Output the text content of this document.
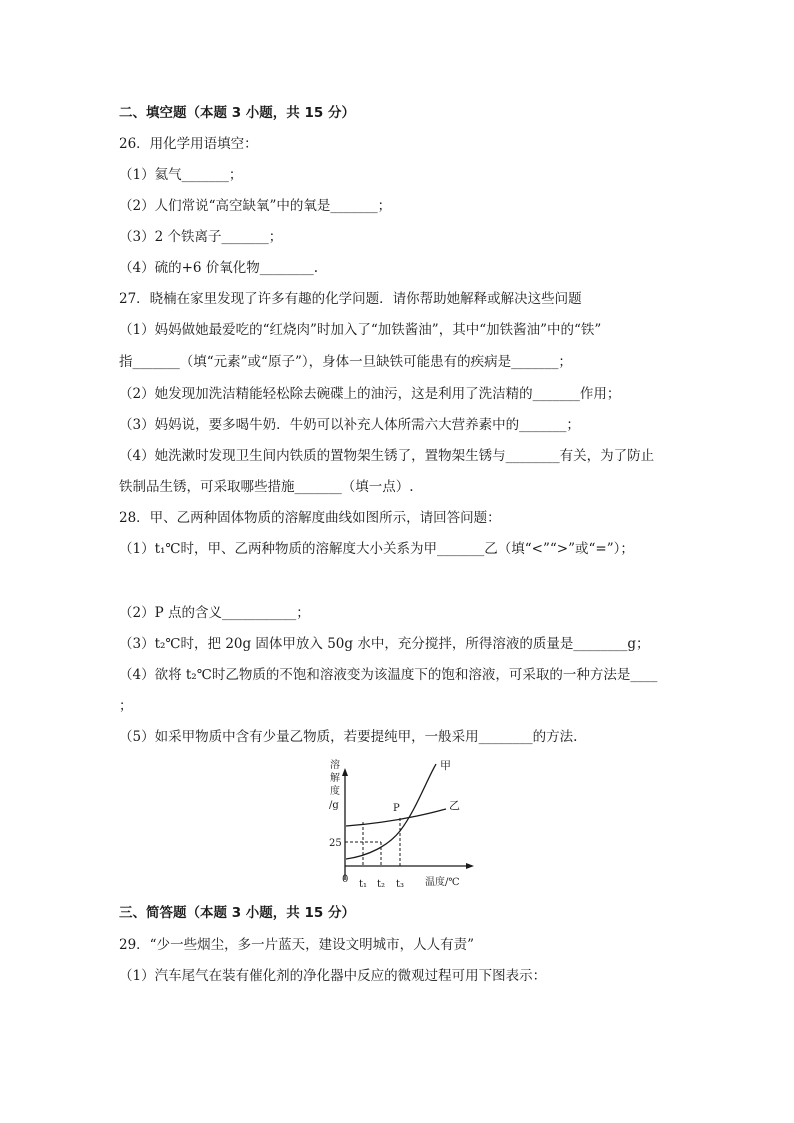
二、填空题（本题 3 小题，共 15 分）
26．用化学用语填空：
（1）氦气_______；
（2）人们常说“高空缺氧”中的氧是_______；
（3）2 个铁离子_______；
（4）硫的+6 价氧化物________.
27．晓楠在家里发现了许多有趣的化学问题．请你帮助她解释或解决这些问题
（1）妈妈做她最爱吃的“红烧肉”时加入了“加铁酱油”，其中“加铁酱油”中的“铁”
指_______（填“元素”或“原子”），身体一旦缺铁可能患有的疾病是_______；
（2）她发现加洗洁精能轻松除去碗碟上的油污，这是利用了洗洁精的_______作用；
（3）妈妈说，要多喝牛奶．牛奶可以补充人体所需六大营养素中的_______；
（4）她洗漱时发现卫生间内铁质的置物架生锈了，置物架生锈与________有关，为了防止
铁制品生锈，可采取哪些措施_______（填一点）.
28．甲、乙两种固体物质的溶解度曲线如图所示，请回答问题：
（1）t₁℃时，甲、乙两种物质的溶解度大小关系为甲_______乙（填“<”“>”或“=”）；
（2）P 点的含义___________；
（3）t₂℃时，把 20g 固体甲放入 50g 水中，充分搅拌，所得溶液的质量是________g；
（4）欲将 t₂℃时乙物质的不饱和溶液变为该温度下的饱和溶液，可采取的一种方法是____
；
（5）如采甲物质中含有少量乙物质，若要提纯甲，一般采用________的方法.
溶
解
度
/g
甲
乙
P
25
0 t₁ t₂ t₃ 温度/℃
三、简答题（本题 3 小题，共 15 分）
29．“少一些烟尘，多一片蓝天，建设文明城市，人人有责”
（1）汽车尾气在装有催化剂的净化器中反应的微观过程可用下图表示：
